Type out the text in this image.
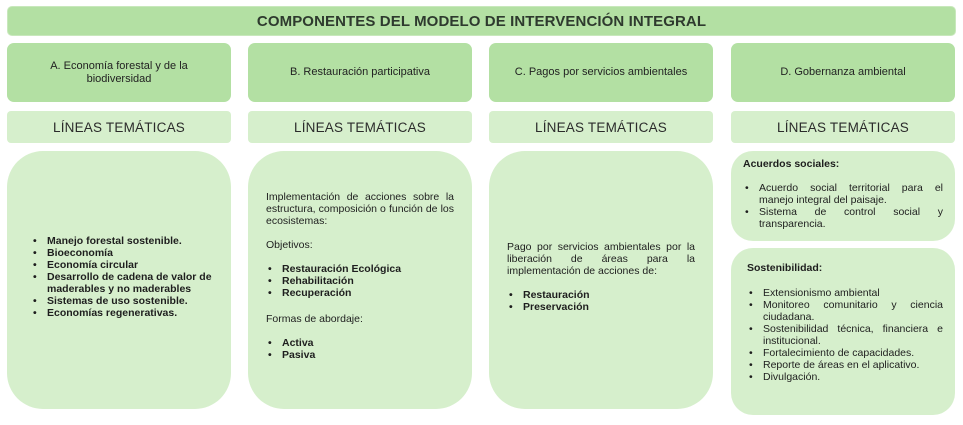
COMPONENTES DEL MODELO DE INTERVENCIÓN INTEGRAL
A. Economía forestal y de la biodiversidad
B. Restauración participativa	C. Pagos por servicios ambientales	D. Gobernanza ambiental
LÍNEAS TEMÁTICAS	LÍNEAS TEMÁTICAS	LÍNEAS TEMÁTICAS	LÍNEAS TEMÁTICAS
• Manejo forestal sostenible.
• Bioeconomía
• Economía circular
• Desarrollo de cadena de valor de maderables y no maderables
• Sistemas de uso sostenible.
• Economías regenerativas.

Implementación de acciones sobre la estructura, composición o función de los ecosistemas:

Objetivos:

• Restauración Ecológica
• Rehabilitación
• Recuperación

Formas de abordaje:

• Activa
• Pasiva

Pago por servicios ambientales por la liberación de áreas para la implementación de acciones de:

• Restauración
• Preservación

Acuerdos sociales:

• Acuerdo social territorial para el manejo integral del paisaje.
• Sistema de control social y transparencia.

Sostenibilidad:

• Extensionismo ambiental
• Monitoreo comunitario y ciencia ciudadana.
• Sostenibilidad técnica, financiera e institucional.
• Fortalecimiento de capacidades.
• Reporte de áreas en el aplicativo.
• Divulgación.
